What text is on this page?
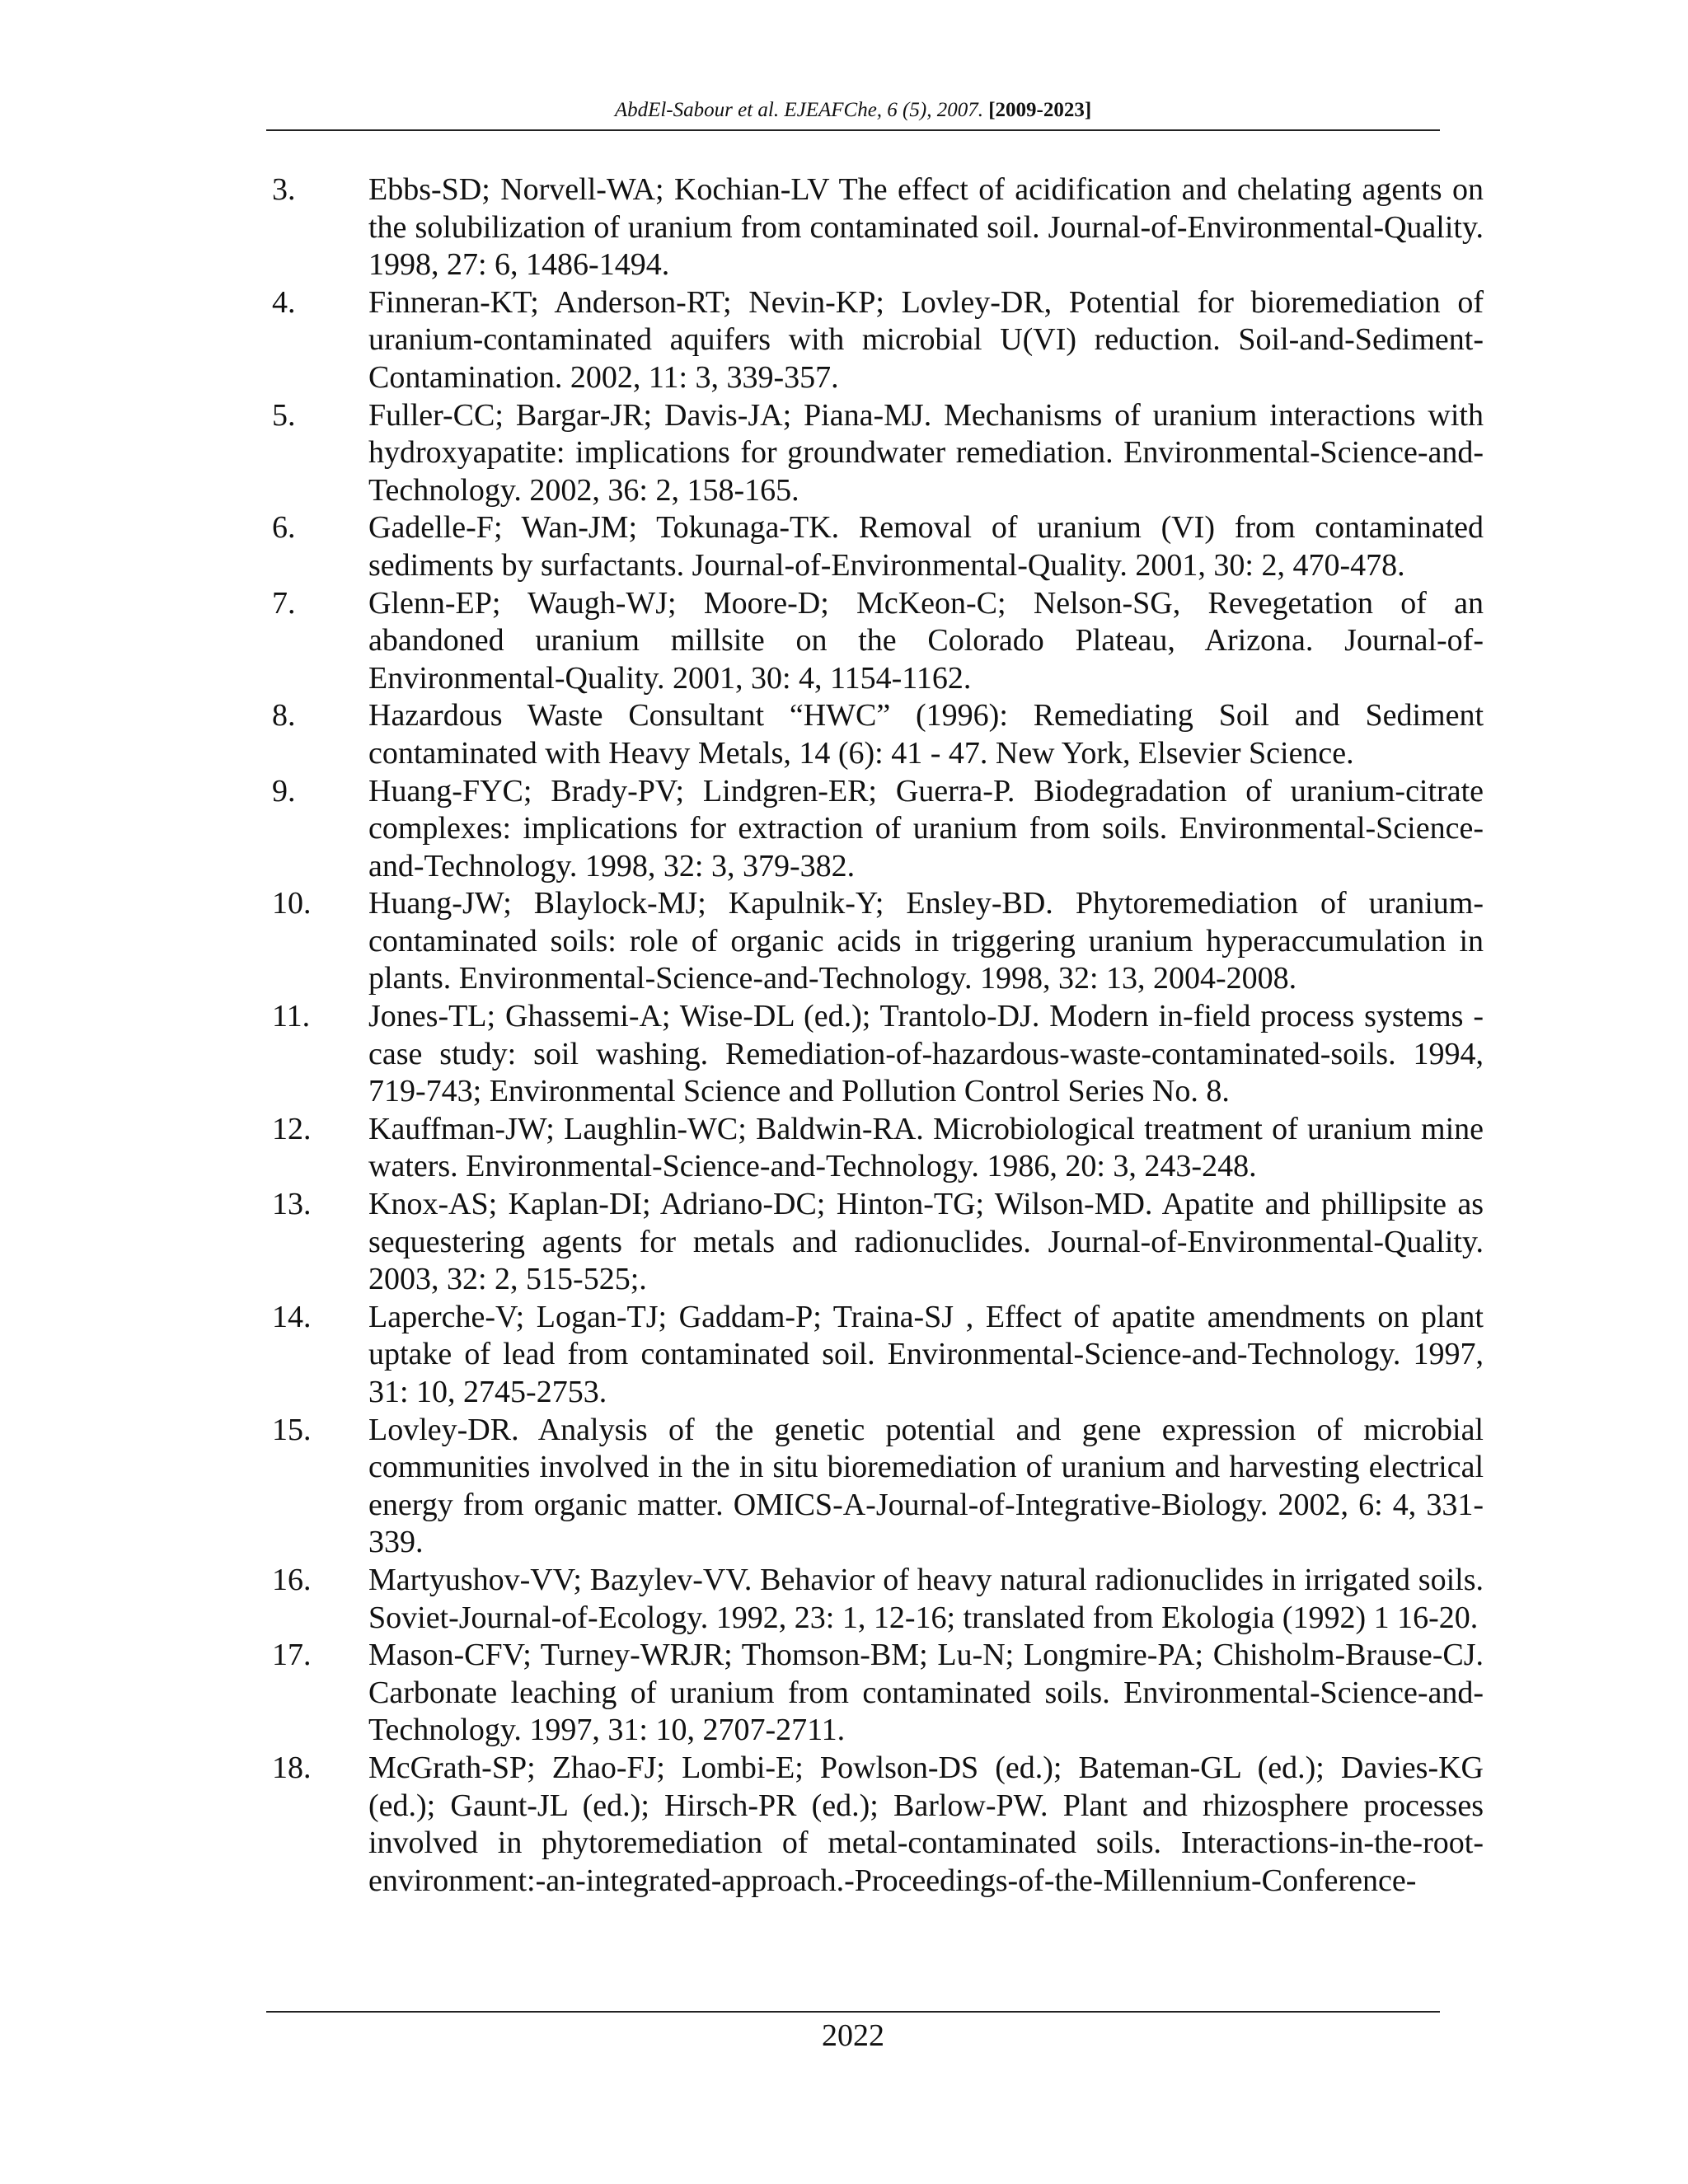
AbdEl-Sabour et al. EJEAFChe, 6 (5), 2007. [2009-2023]
3.	Ebbs-SD; Norvell-WA; Kochian-LV The effect of acidification and chelating agents on the solubilization of uranium from contaminated soil. Journal-of-Environmental-Quality. 1998, 27: 6, 1486-1494.
4.	Finneran-KT; Anderson-RT; Nevin-KP; Lovley-DR, Potential for bioremediation of uranium-contaminated aquifers with microbial U(VI) reduction. Soil-and-Sediment-Contamination. 2002, 11: 3, 339-357.
5.	Fuller-CC; Bargar-JR; Davis-JA; Piana-MJ. Mechanisms of uranium interactions with hydroxyapatite: implications for groundwater remediation. Environmental-Science-and-Technology. 2002, 36: 2, 158-165.
6.	Gadelle-F; Wan-JM; Tokunaga-TK. Removal of uranium (VI) from contaminated sediments by surfactants. Journal-of-Environmental-Quality. 2001, 30: 2, 470-478.
7.	Glenn-EP; Waugh-WJ; Moore-D; McKeon-C; Nelson-SG, Revegetation of an abandoned uranium millsite on the Colorado Plateau, Arizona. Journal-of-Environmental-Quality. 2001, 30: 4, 1154-1162.
8.	Hazardous Waste Consultant “HWC” (1996): Remediating Soil and Sediment contaminated with Heavy Metals, 14 (6): 41 - 47. New York, Elsevier Science.
9.	Huang-FYC; Brady-PV; Lindgren-ER; Guerra-P. Biodegradation of uranium-citrate complexes: implications for extraction of uranium from soils. Environmental-Science-and-Technology. 1998, 32: 3, 379-382.
10.	Huang-JW; Blaylock-MJ; Kapulnik-Y; Ensley-BD. Phytoremediation of uranium-contaminated soils: role of organic acids in triggering uranium hyperaccumulation in plants. Environmental-Science-and-Technology. 1998, 32: 13, 2004-2008.
11.	Jones-TL; Ghassemi-A; Wise-DL (ed.); Trantolo-DJ. Modern in-field process systems - case study: soil washing. Remediation-of-hazardous-waste-contaminated-soils. 1994, 719-743; Environmental Science and Pollution Control Series No. 8.
12.	Kauffman-JW; Laughlin-WC; Baldwin-RA. Microbiological treatment of uranium mine waters. Environmental-Science-and-Technology. 1986, 20: 3, 243-248.
13.	Knox-AS; Kaplan-DI; Adriano-DC; Hinton-TG; Wilson-MD. Apatite and phillipsite as sequestering agents for metals and radionuclides. Journal-of-Environmental-Quality. 2003, 32: 2, 515-525;.
14.	Laperche-V; Logan-TJ; Gaddam-P; Traina-SJ , Effect of apatite amendments on plant uptake of lead from contaminated soil. Environmental-Science-and-Technology. 1997, 31: 10, 2745-2753.
15.	Lovley-DR. Analysis of the genetic potential and gene expression of microbial communities involved in the in situ bioremediation of uranium and harvesting electrical energy from organic matter. OMICS-A-Journal-of-Integrative-Biology. 2002, 6: 4, 331-339.
16.	Martyushov-VV; Bazylev-VV. Behavior of heavy natural radionuclides in irrigated soils. Soviet-Journal-of-Ecology. 1992, 23: 1, 12-16; translated from Ekologia (1992) 1 16-20.
17.	Mason-CFV; Turney-WRJR; Thomson-BM; Lu-N; Longmire-PA; Chisholm-Brause-CJ. Carbonate leaching of uranium from contaminated soils. Environmental-Science-and-Technology. 1997, 31: 10, 2707-2711.
18.	McGrath-SP; Zhao-FJ; Lombi-E; Powlson-DS (ed.); Bateman-GL (ed.); Davies-KG (ed.); Gaunt-JL (ed.); Hirsch-PR (ed.); Barlow-PW. Plant and rhizosphere processes involved in phytoremediation of metal-contaminated soils. Interactions-in-the-root-environment:-an-integrated-approach.-Proceedings-of-the-Millennium-Conference-
2022
